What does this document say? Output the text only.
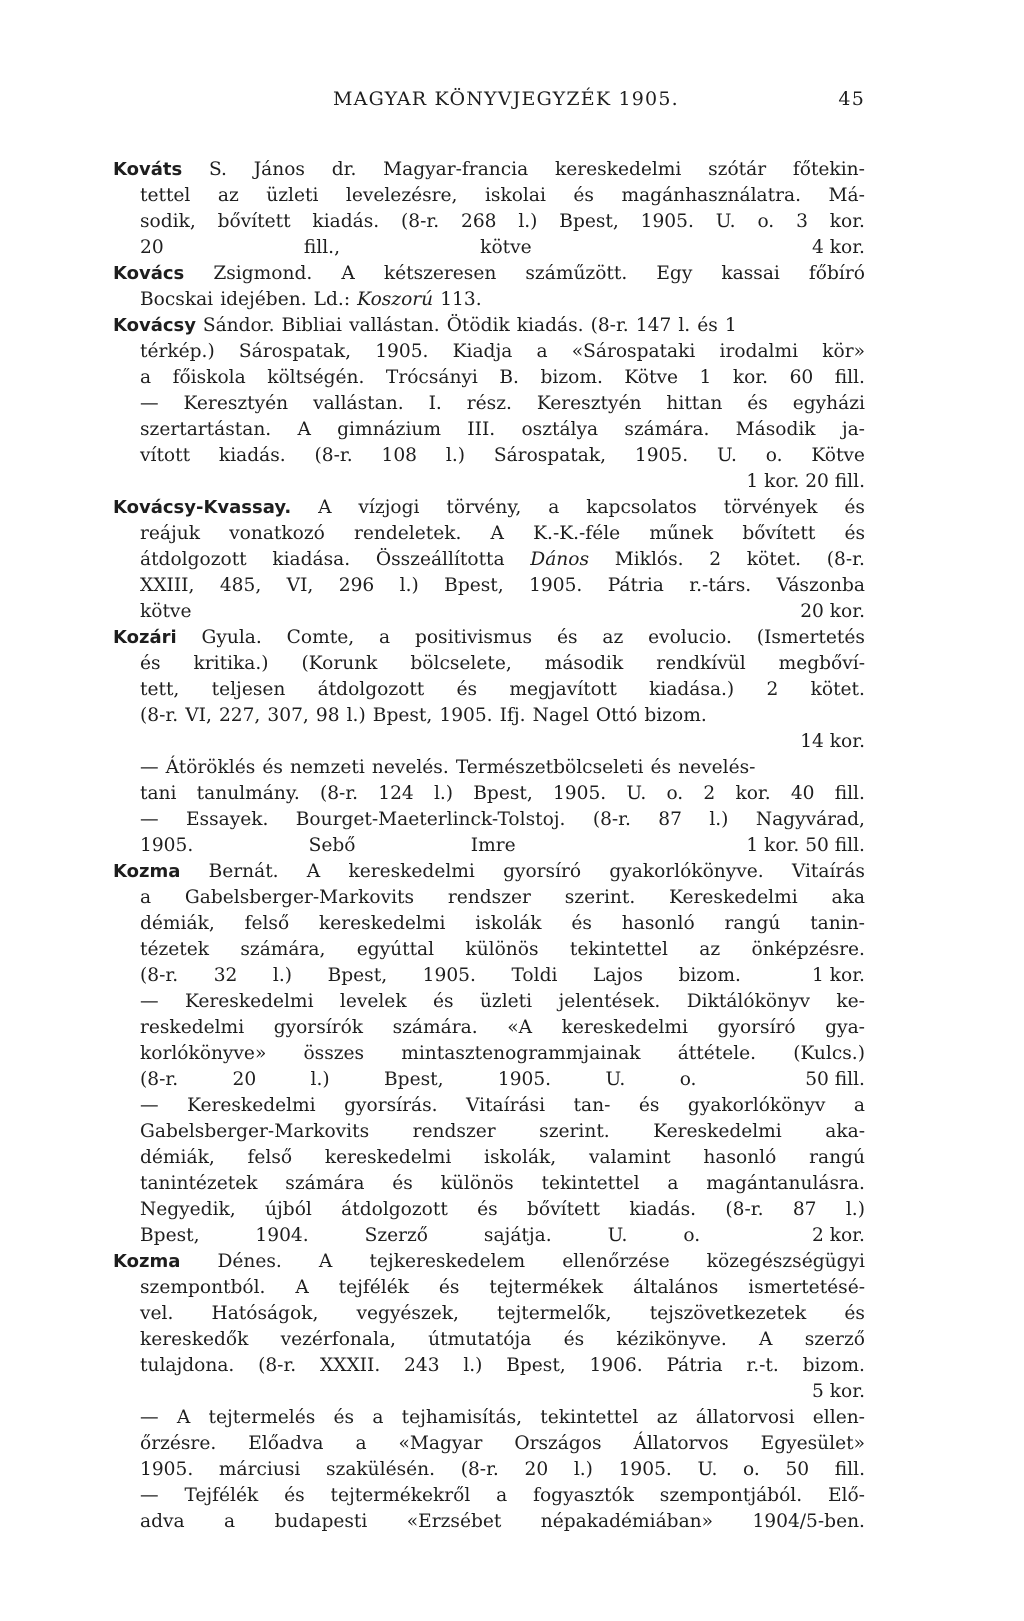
MAGYAR KÖNYVJEGYZÉK 1905.	45
Kováts S. János dr. Magyar-francia kereskedelmi szótár főtekin-
tettel az üzleti levelezésre, iskolai és magánhasználatra. Má-
sodik, bővített kiadás. (8-r. 268 l.) Bpest, 1905. U. o. 3 kor.
20	fill.,	kötve	4 kor.
Kovács Zsigmond. A kétszeresen száműzött. Egy kassai főbíró
Bocskai idejében. Ld.: Koszorú 113.
Kovácsy Sándor. Bibliai vallástan. Ötödik kiadás. (8-r. 147 l. és 1
térkép.) Sárospatak, 1905. Kiadja a «Sárospataki irodalmi kör»
a főiskola költségén. Trócsányi B. bizom. Kötve 1 kor. 60 fill.
— Keresztyén vallástan. I. rész. Keresztyén hittan és egyházi
szertartástan. A gimnázium III. osztálya számára. Második ja-
vított kiadás. (8-r. 108 l.) Sárospatak, 1905. U. o. Kötve
1 kor. 20 fill.
Kovácsy-Kvassay. A vízjogi törvény, a kapcsolatos törvények és
reájuk vonatkozó rendeletek. A K.-K.-féle műnek bővített és
átdolgozott kiadása. Összeállította Dános Miklós. 2 kötet. (8-r.
XXIII, 485, VI, 296 l.) Bpest, 1905. Pátria r.-társ. Vászonba
kötve	20 kor.
Kozári Gyula. Comte, a positivismus és az evolucio. (Ismertetés
és kritika.) (Korunk bölcselete, második rendkívül megbőví-
tett, teljesen átdolgozott és megjavított kiadása.) 2 kötet.
(8-r. VI, 227, 307, 98 l.) Bpest, 1905. Ifj. Nagel Ottó bizom.
14 kor.
— Átöröklés és nemzeti nevelés. Természetbölcseleti és nevelés-
tani tanulmány. (8-r. 124 l.) Bpest, 1905. U. o. 2 kor. 40 fill.
— Essayek. Bourget-Maeterlinck-Tolstoj. (8-r. 87 l.) Nagyvárad,
1905.	Sebő	Imre	1 kor. 50 fill.
Kozma Bernát. A kereskedelmi gyorsíró gyakorlókönyve. Vitaírás
a Gabelsberger-Markovits rendszer szerint. Kereskedelmi aka
démiák, felső kereskedelmi iskolák és hasonló rangú tanin-
tézetek számára, egyúttal különös tekintettel az önképzésre.
(8-r. 32 l.) Bpest, 1905. Toldi Lajos bizom.	1 kor.
— Kereskedelmi levelek és üzleti jelentések. Diktálókönyv ke-
reskedelmi gyorsírók számára. «A kereskedelmi gyorsíró gya-
korlókönyve» összes mintasztenogrammjainak áttétele. (Kulcs.)
(8-r.	20	l.)	Bpest,	1905.	U.	o.	50 fill.
— Kereskedelmi gyorsírás. Vitaírási tan- és gyakorlókönyv a
Gabelsberger-Markovits rendszer szerint. Kereskedelmi aka-
démiák, felső kereskedelmi iskolák, valamint hasonló rangú
tanintézetek számára és különös tekintettel a magántanulásra.
Negyedik, újból átdolgozott és bővített kiadás. (8-r. 87 l.)
Bpest,	1904.	Szerző	sajátja.	U.	o.	2 kor.
Kozma Dénes. A tejkereskedelem ellenőrzése közegészségügyi
szempontból. A tejfélék és tejtermékek általános ismertetésé-
vel. Hatóságok, vegyészek, tejtermelők, tejszövetkezetek és
kereskedők vezérfonala, útmutatója és kézikönyve. A szerző
tulajdona. (8-r. XXXII. 243 l.) Bpest, 1906. Pátria r.-t. bizom.
5 kor.
— A tejtermelés és a tejhamisítás, tekintettel az állatorvosi ellen-
őrzésre. Előadva a «Magyar Országos Állatorvos Egyesület»
1905. márciusi szakülésén. (8-r. 20 l.) 1905. U. o. 50 fill.
— Tejfélék és tejtermékekről a fogyasztók szempontjából. Elő-
adva a budapesti «Erzsébet népakadémiában» 1904/5-ben.
